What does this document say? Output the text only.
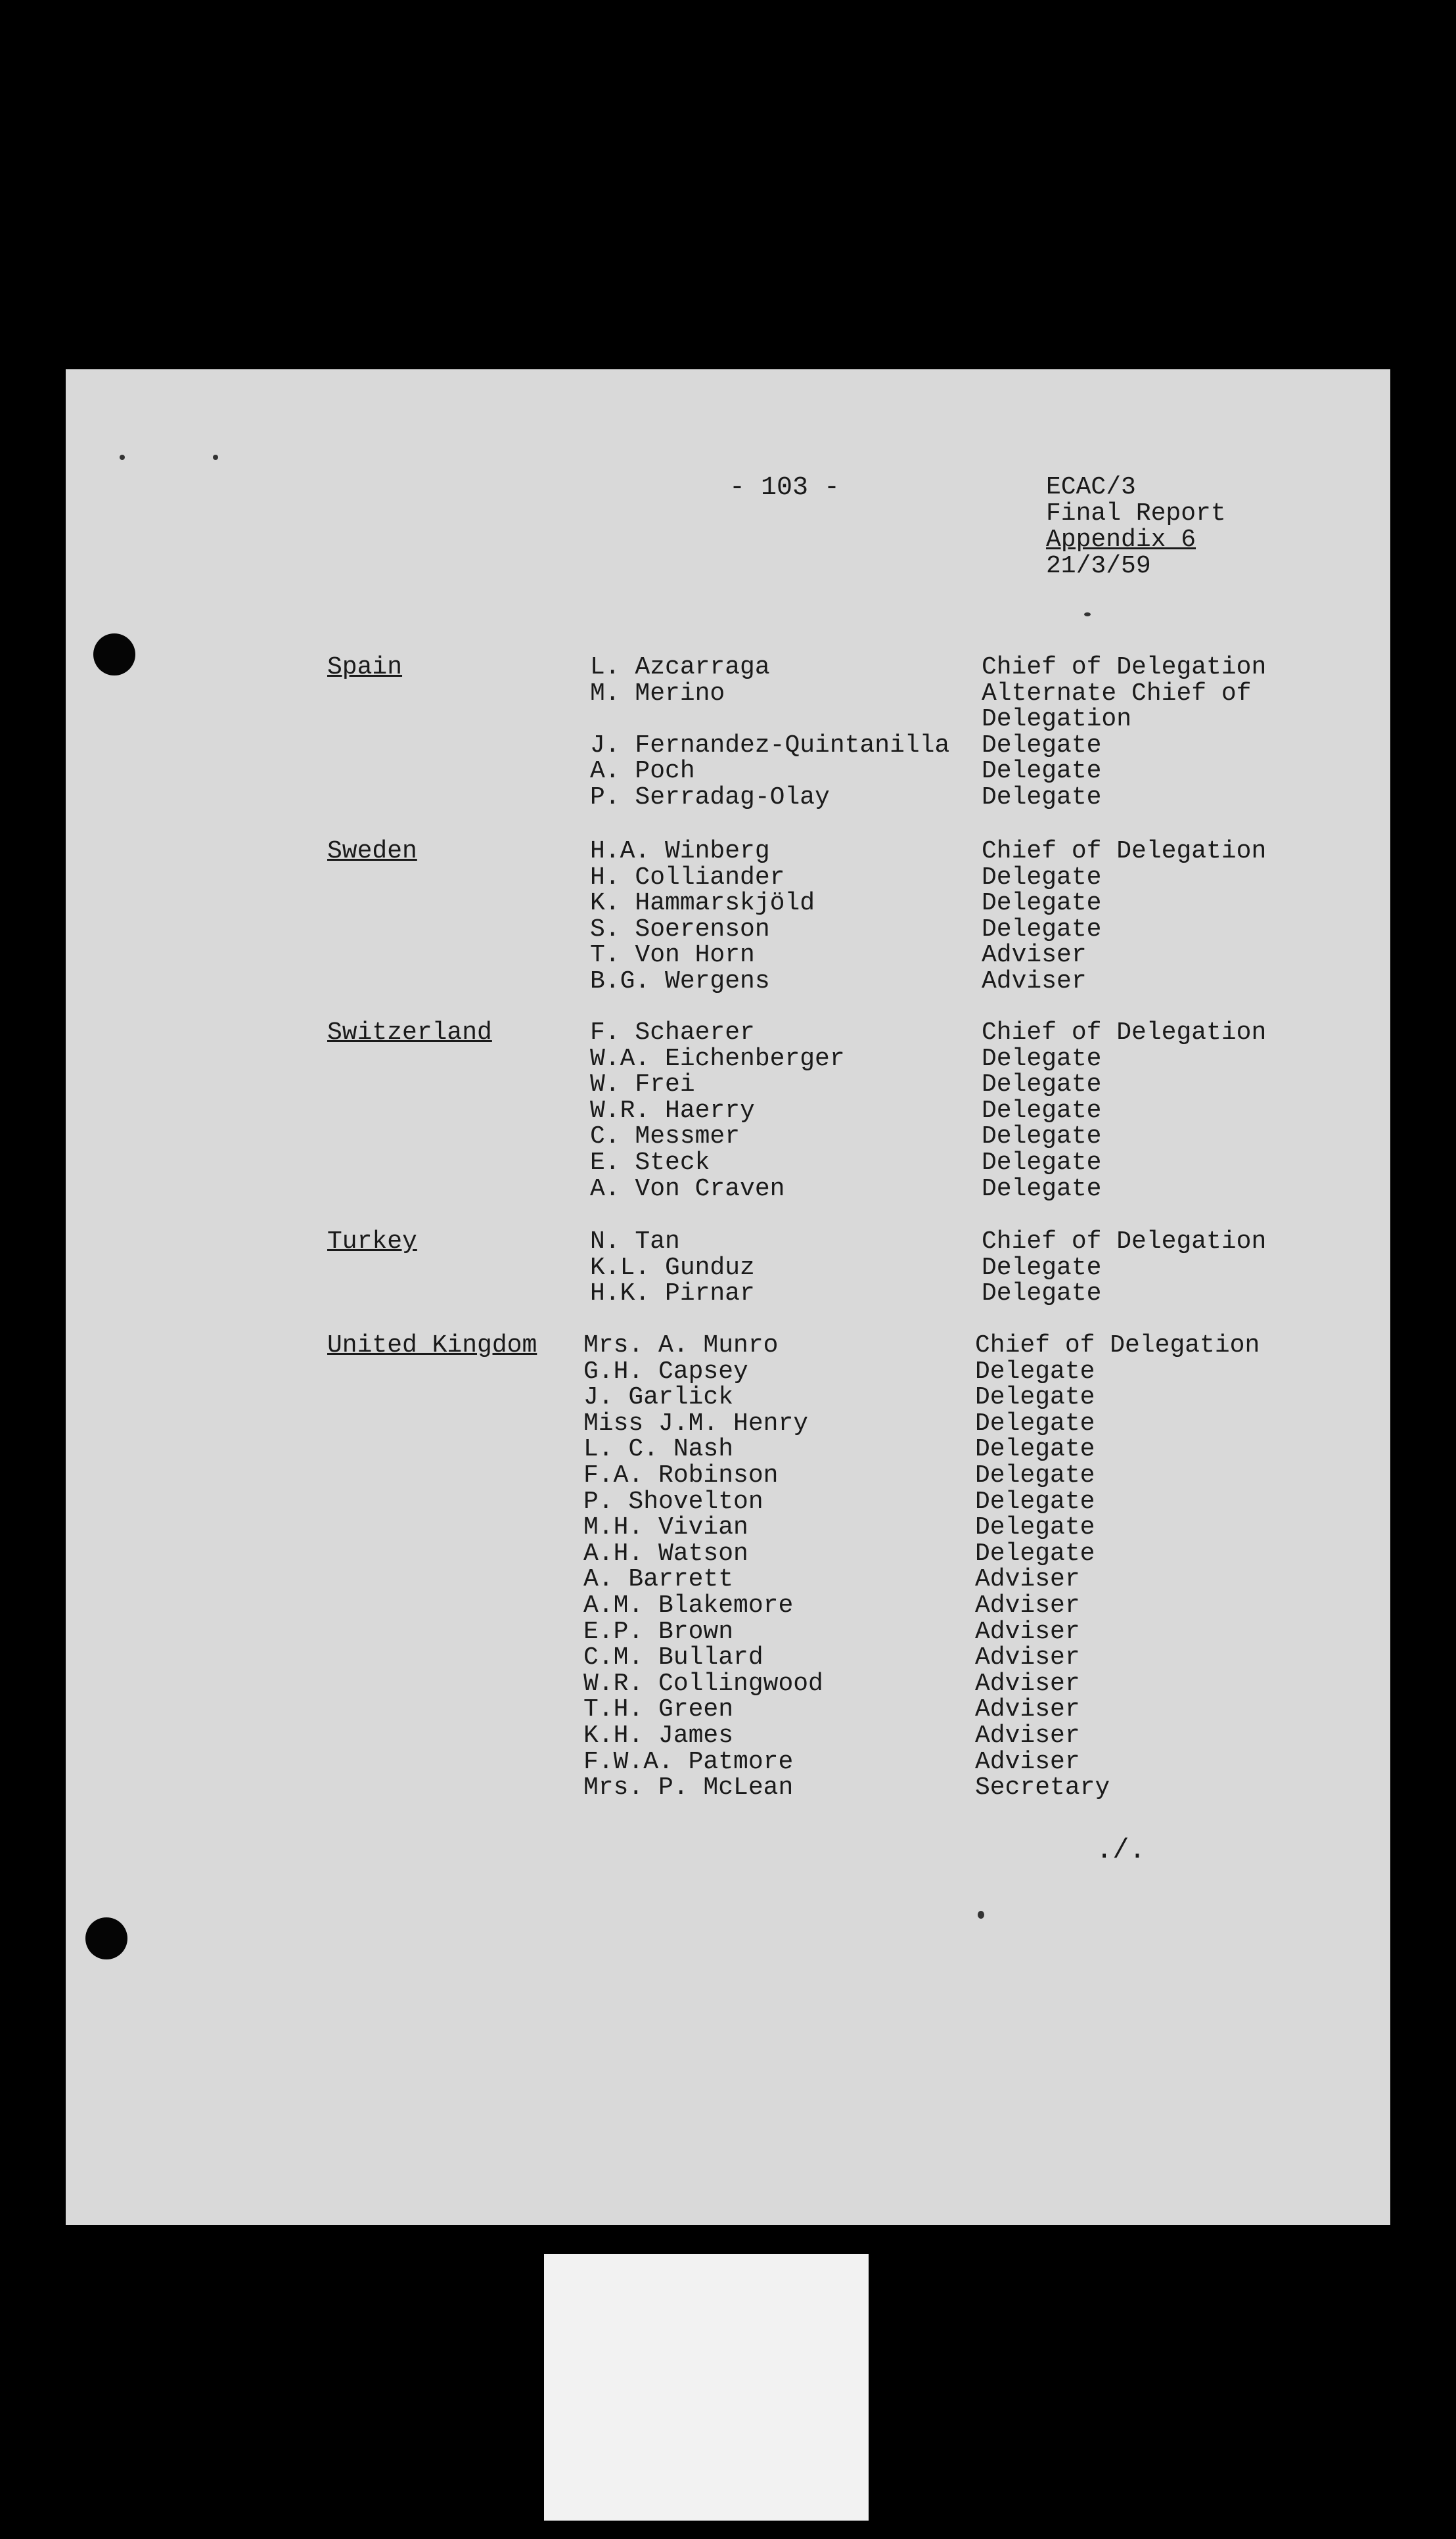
- 103 -	ECAC/3
Final Report
Appendix 6
21/3/59
Spain	L. Azcarraga	Chief of Delegation
M. Merino	Alternate Chief of
Delegation
J. Fernandez-Quintanilla Delegate
A. Poch	Delegate
P. Serradag-Olay	Delegate
Sweden	H.A. Winberg	Chief of Delegation
H. Colliander	Delegate
K. Hammarskjöld	Delegate
S. Soerenson	Delegate
T. Von Horn	Adviser
B.G. Wergens	Adviser
Switzerland	F. Schaerer	Chief of Delegation
W.A. Eichenberger	Delegate
W. Frei	Delegate
W.R. Haerry	Delegate
C. Messmer	Delegate
E. Steck	Delegate
A. Von Craven	Delegate
Turkey	N. Tan	Chief of Delegation
K.L. Gunduz	Delegate
H.K. Pirnar	Delegate
United Kingdom Mrs. A. Munro	Chief of Delegation
G.H. Capsey	Delegate
J. Garlick	Delegate
Miss J.M. Henry	Delegate
L. C. Nash	Delegate
F.A. Robinson	Delegate
P. Shovelton	Delegate
M.H. Vivian	Delegate
A.H. Watson	Delegate
A. Barrett	Adviser
A.M. Blakemore	Adviser
E.P. Brown	Adviser
C.M. Bullard	Adviser
W.R. Collingwood	Adviser
T.H. Green	Adviser
K.H. James	Adviser
F.W.A. Patmore	Adviser
Mrs. P. McLean	Secretary
./.
